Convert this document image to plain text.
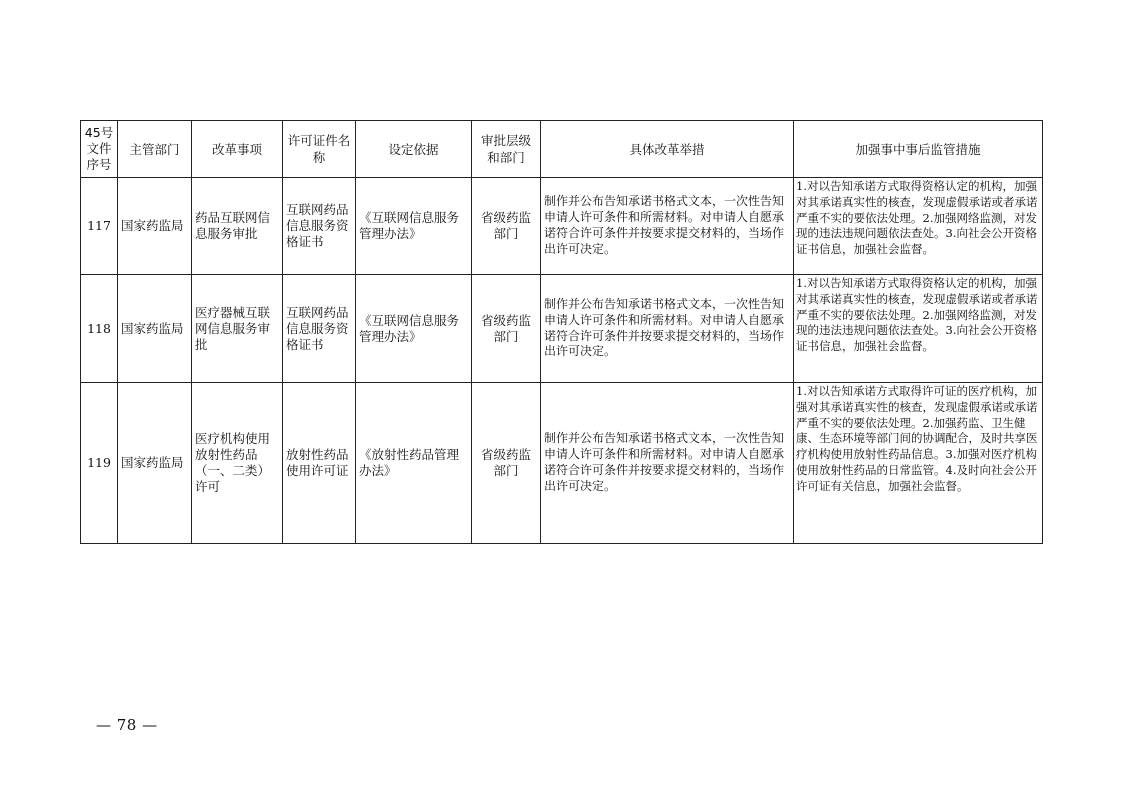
45号文件序号	主管部门	改革事项	许可证件名称	设定依据	审批层级和部门	具体改革举措	加强事中事后监管措施
117	国家药监局	药品互联网信息服务审批	互联网药品信息服务资格证书	《互联网信息服务管理办法》	省级药监部门	制作并公布告知承诺书格式文本，一次性告知申请人许可条件和所需材料。对申请人自愿承诺符合许可条件并按要求提交材料的，当场作出许可决定。	1.对以告知承诺方式取得资格认定的机构，加强对其承诺真实性的核查，发现虚假承诺或者承诺严重不实的要依法处理。2.加强网络监测，对发现的违法违规问题依法查处。3.向社会公开资格证书信息，加强社会监督。
118	国家药监局	医疗器械互联网信息服务审批	互联网药品信息服务资格证书	《互联网信息服务管理办法》	省级药监部门	制作并公布告知承诺书格式文本，一次性告知申请人许可条件和所需材料。对申请人自愿承诺符合许可条件并按要求提交材料的，当场作出许可决定。	1.对以告知承诺方式取得资格认定的机构，加强对其承诺真实性的核查，发现虚假承诺或者承诺严重不实的要依法处理。2.加强网络监测，对发现的违法违规问题依法查处。3.向社会公开资格证书信息，加强社会监督。
119	国家药监局	医疗机构使用放射性药品（一、二类）许可	放射性药品使用许可证	《放射性药品管理办法》	省级药监部门	制作并公布告知承诺书格式文本，一次性告知申请人许可条件和所需材料。对申请人自愿承诺符合许可条件并按要求提交材料的，当场作出许可决定。	1.对以告知承诺方式取得许可证的医疗机构，加强对其承诺真实性的核查，发现虚假承诺或承诺严重不实的要依法处理。2.加强药监、卫生健康、生态环境等部门间的协调配合，及时共享医疗机构使用放射性药品信息。3.加强对医疗机构使用放射性药品的日常监管。4.及时向社会公开许可证有关信息，加强社会监督。
— 78 —
